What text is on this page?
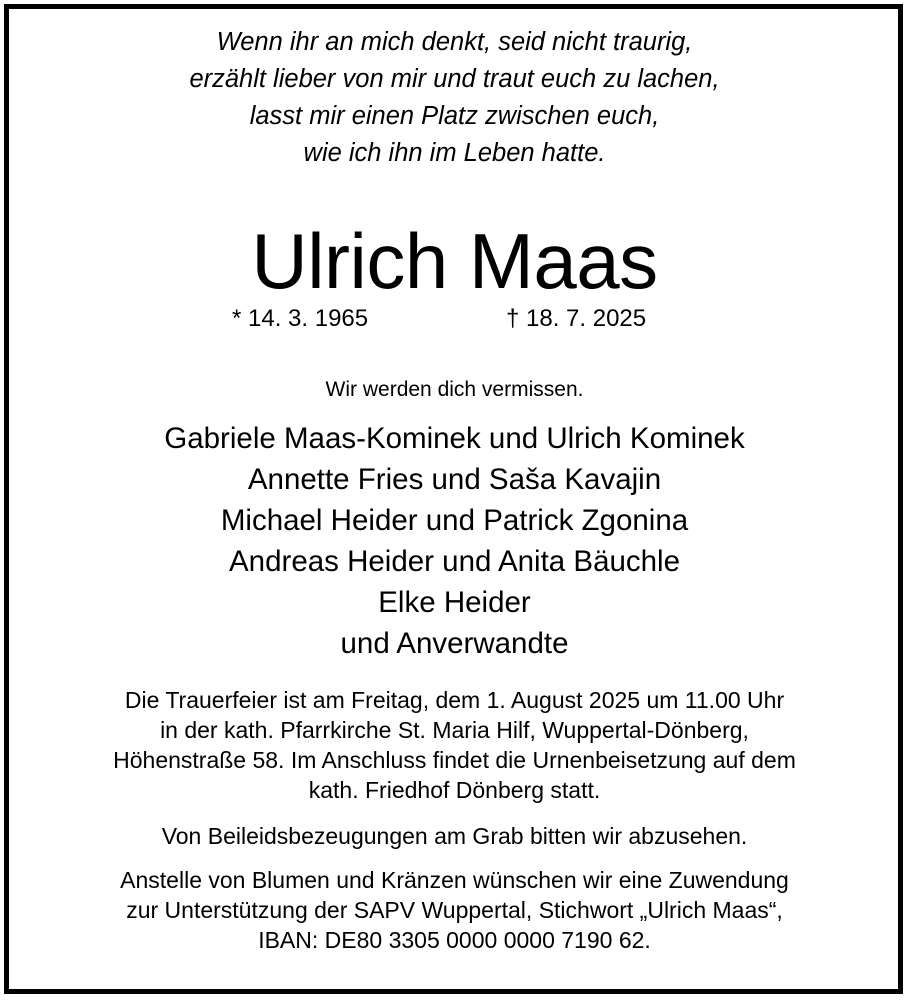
Wenn ihr an mich denkt, seid nicht traurig,
erzählt lieber von mir und traut euch zu lachen,
lasst mir einen Platz zwischen euch,
wie ich ihn im Leben hatte.
Ulrich Maas
* 14. 3. 1965	† 18. 7. 2025
Wir werden dich vermissen.
Gabriele Maas-Kominek und Ulrich Kominek
Annette Fries und Saša Kavajin
Michael Heider und Patrick Zgonina
Andreas Heider und Anita Bäuchle
Elke Heider
und Anverwandte
Die Trauerfeier ist am Freitag, dem 1. August 2025 um 11.00 Uhr
in der kath. Pfarrkirche St. Maria Hilf, Wuppertal-Dönberg,
Höhenstraße 58. Im Anschluss findet die Urnenbeisetzung auf dem
kath. Friedhof Dönberg statt.
Von Beileidsbezeugungen am Grab bitten wir abzusehen.
Anstelle von Blumen und Kränzen wünschen wir eine Zuwendung
zur Unterstützung der SAPV Wuppertal, Stichwort „Ulrich Maas“,
IBAN: DE80 3305 0000 0000 7190 62.
